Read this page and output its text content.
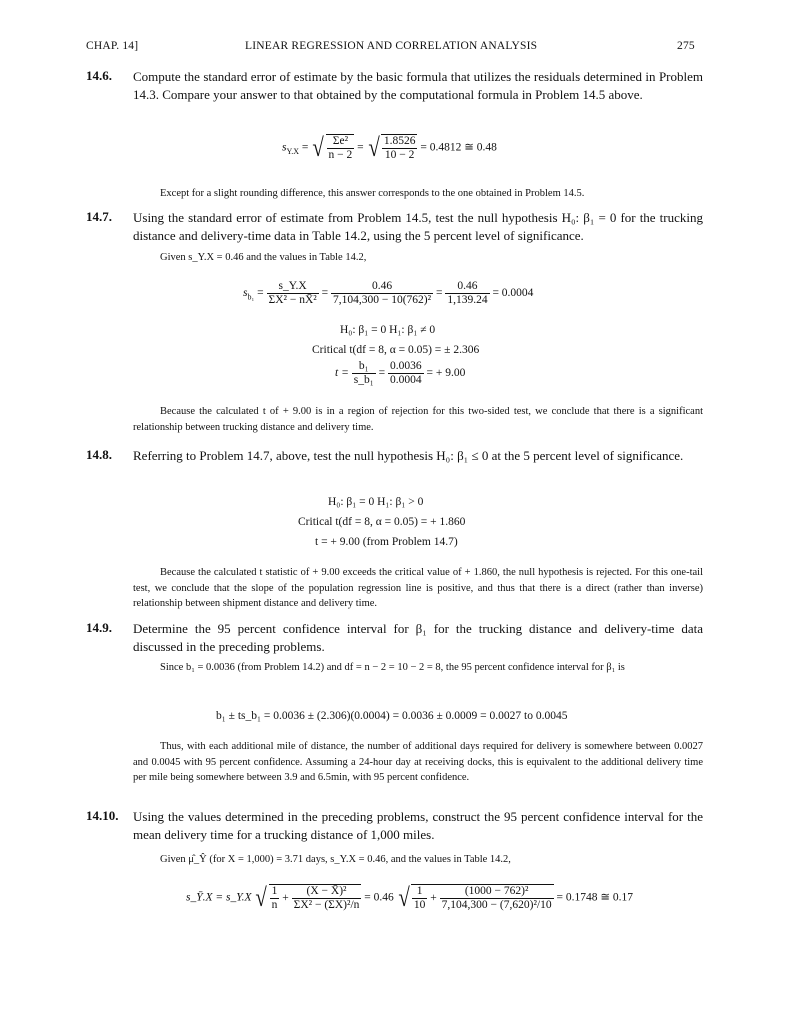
CHAP. 14]	LINEAR REGRESSION AND CORRELATION ANALYSIS	275
14.6. Compute the standard error of estimate by the basic formula that utilizes the residuals determined in Problem 14.3. Compare your answer to that obtained by the computational formula in Problem 14.5 above.
$s_{Y.X}$ = √ $\frac{\text{Σe²}}{n - 2}$ = √ $\frac{1.8526}{10 - 2} = 0.4812$ ≅ 0.48
Except for a slight rounding difference, this answer corresponds to the one obtained in Problem 14.5.
14.7. Using the standard error of estimate from Problem 14.5, test the null hypothesis H₀: β₁ = 0 for the trucking distance and delivery-time data in Table 14.2, using the 5 percent level of significance.
Given s_Y.X = 0.46 and the values in Table 14.2,
$s_{b_1} = \frac{s\_Y.X}{\text{ΣX² − nX̄²}} = \frac{0.46}{\text{7,104,300 − 10(762)²}} = \frac{0.46}{1,139.24} = 0.0004$
H₀: β₁ = 0 H₁: β₁ ≠ 0
Critical t(df = 8, α = 0.05) = ± 2.306
$t = \frac{\text{b₁}}{\text{s\_b₁}} = \frac{0.0036}{0.0004}$ = + 9.00
Because the calculated t of + 9.00 is in a region of rejection for this two-sided test, we conclude that there is a significant relationship between trucking distance and delivery time.
14.8. Referring to Problem 14.7, above, test the null hypothesis H₀: β₁ ≤ 0 at the 5 percent level of significance.
H₀: β₁ = 0 H₁: β₁ > 0
Critical t(df = 8, α = 0.05) = + 1.860
t = + 9.00 (from Problem 14.7)
Because the calculated t statistic of + 9.00 exceeds the critical value of + 1.860, the null hypothesis is rejected. For this one-tail test, we conclude that the slope of the population regression line is positive, and thus that there is a direct (rather than inverse) relationship between shipment distance and delivery time.
14.9. Determine the 95 percent confidence interval for β₁ for the trucking distance and delivery-time data discussed in the preceding problems.
Since b₁ = 0.0036 (from Problem 14.2) and df = n − 2 = 10 − 2 = 8, the 95 percent confidence interval for β₁ is
b₁ ± ts_b₁ = 0.0036 ± (2.306)(0.0004) = 0.0036 ± 0.0009 = 0.0027 to 0.0045
Thus, with each additional mile of distance, the number of additional days required for delivery is somewhere between 0.0027 and 0.0045 with 95 percent confidence. Assuming a 24-hour day at receiving docks, this is equivalent to the additional delivery time per mile being somewhere between 3.9 and 6.5min, with 95 percent confidence.
14.10. Using the values determined in the preceding problems, construct the 95 percent confidence interval for the mean delivery time for a trucking distance of 1,000 miles.
Given μ̂_Ŷ (for X = 1,000) = 3.71 days, s_Y.X = 0.46, and the values in Table 14.2,
s_Ȳ.X = s_Y.X √ $\frac{1}{n} + \frac{\text{(X − X̄)²}}{\text{ΣX² − (ΣX)²/n}} = 0.46$ √ $\frac{1}{10} + \frac{\text{(1000 − 762)²}}{\text{7,104,300 − (7,620)²/10}} = 0.1748$ ≅ 0.17
